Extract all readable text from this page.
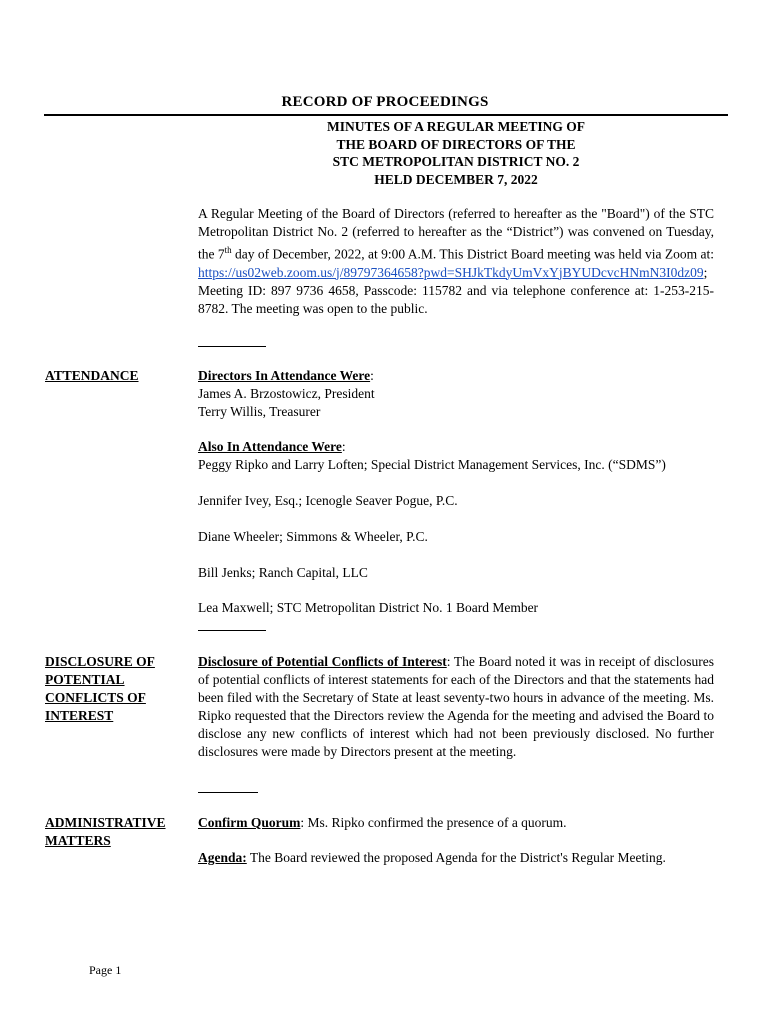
RECORD OF PROCEEDINGS
MINUTES OF A REGULAR MEETING OF
THE BOARD OF DIRECTORS OF THE
STC METROPOLITAN DISTRICT NO. 2
HELD DECEMBER 7, 2022
A Regular Meeting of the Board of Directors (referred to hereafter as the "Board") of the STC Metropolitan District No. 2 (referred to hereafter as the “District”) was convened on Tuesday, the 7th day of December, 2022, at 9:00 A.M. This District Board meeting was held via Zoom at: https://us02web.zoom.us/j/89797364658?pwd=SHJkTkdyUmVxYjBYUDcvcHNmN3I0dz09; Meeting ID: 897 9736 4658, Passcode: 115782 and via telephone conference at: 1-253-215-8782. The meeting was open to the public.
ATTENDANCE	Directors In Attendance Were:
James A. Brzostowicz, President
Terry Willis, Treasurer
Also In Attendance Were:
Peggy Ripko and Larry Loften; Special District Management Services, Inc. (“SDMS”)
Jennifer Ivey, Esq.; Icenogle Seaver Pogue, P.C.
Diane Wheeler; Simmons & Wheeler, P.C.
Bill Jenks; Ranch Capital, LLC
Lea Maxwell; STC Metropolitan District No. 1 Board Member
DISCLOSURE OF
POTENTIAL
CONFLICTS OF
INTEREST
Disclosure of Potential Conflicts of Interest: The Board noted it was in receipt of disclosures of potential conflicts of interest statements for each of the Directors and that the statements had been filed with the Secretary of State at least seventy-two hours in advance of the meeting. Ms. Ripko requested that the Directors review the Agenda for the meeting and advised the Board to disclose any new conflicts of interest which had not been previously disclosed. No further disclosures were made by Directors present at the meeting.
ADMINISTRATIVE
MATTERS
Confirm Quorum: Ms. Ripko confirmed the presence of a quorum.
Agenda: The Board reviewed the proposed Agenda for the District's Regular Meeting.
Page 1
